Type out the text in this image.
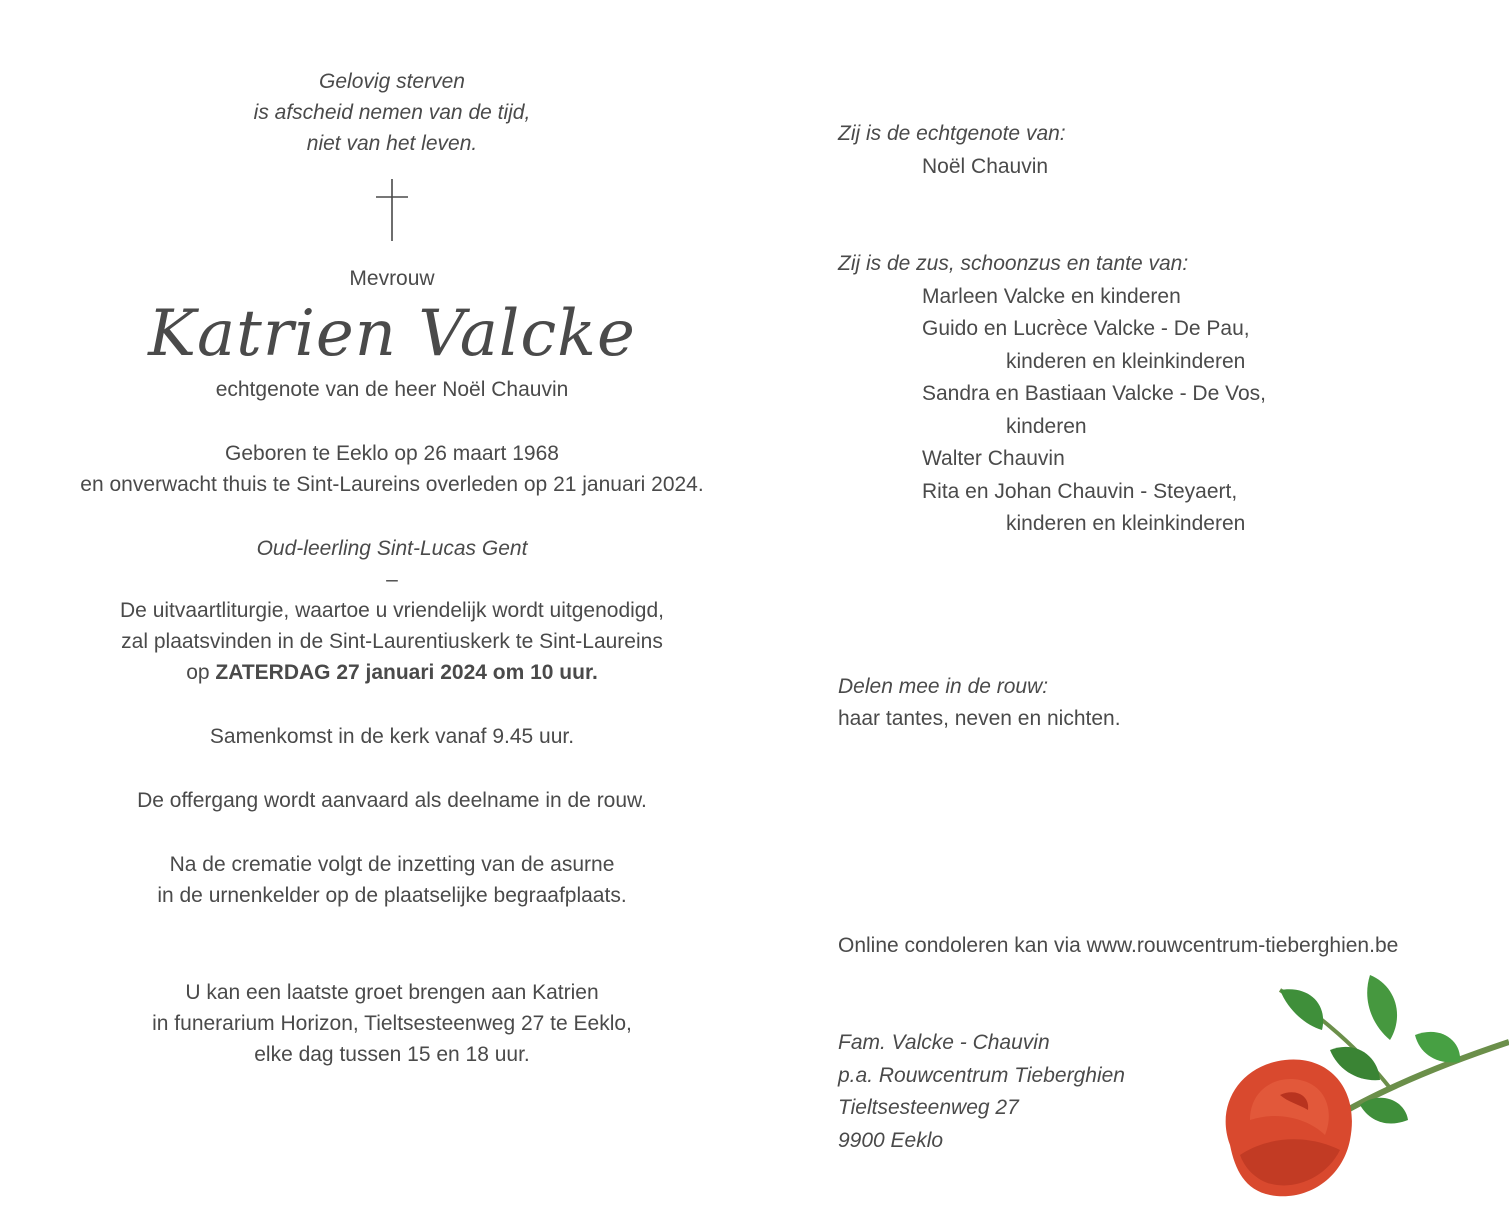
Gelovig sterven

is afscheid nemen van de tijd,

niet van het leven.

Mevrouw

Katrien Valcke

echtgenote van de heer Noël Chauvin

Geboren te Eeklo op 26 maart 1968

en onverwacht thuis te Sint-Laureins overleden op 21 januari 2024.

Oud-leerling Sint-Lucas Gent

–

De uitvaartliturgie, waartoe u vriendelijk wordt uitgenodigd,

zal plaatsvinden in de Sint-Laurentiuskerk te Sint-Laureins

op ZATERDAG 27 januari 2024 om 10 uur.

Samenkomst in de kerk vanaf 9.45 uur.

De offergang wordt aanvaard als deelname in de rouw.

Na de crematie volgt de inzetting van de asurne

in de urnenkelder op de plaatselijke begraafplaats.

U kan een laatste groet brengen aan Katrien

in funerarium Horizon, Tieltsesteenweg 27 te Eeklo,

elke dag tussen 15 en 18 uur.

Zij is de echtgenote van:

Noël Chauvin

Zij is de zus, schoonzus en tante van:

Marleen Valcke en kinderen

Guido en Lucrèce Valcke - De Pau,

kinderen en kleinkinderen

Sandra en Bastiaan Valcke - De Vos,

kinderen

Walter Chauvin

Rita en Johan Chauvin - Steyaert,

kinderen en kleinkinderen

Delen mee in de rouw:

haar tantes, neven en nichten.

Online condoleren kan via www.rouwcentrum-tieberghien.be

Fam. Valcke - Chauvin

p.a. Rouwcentrum Tieberghien

Tieltsesteenweg 27

9900 Eeklo
